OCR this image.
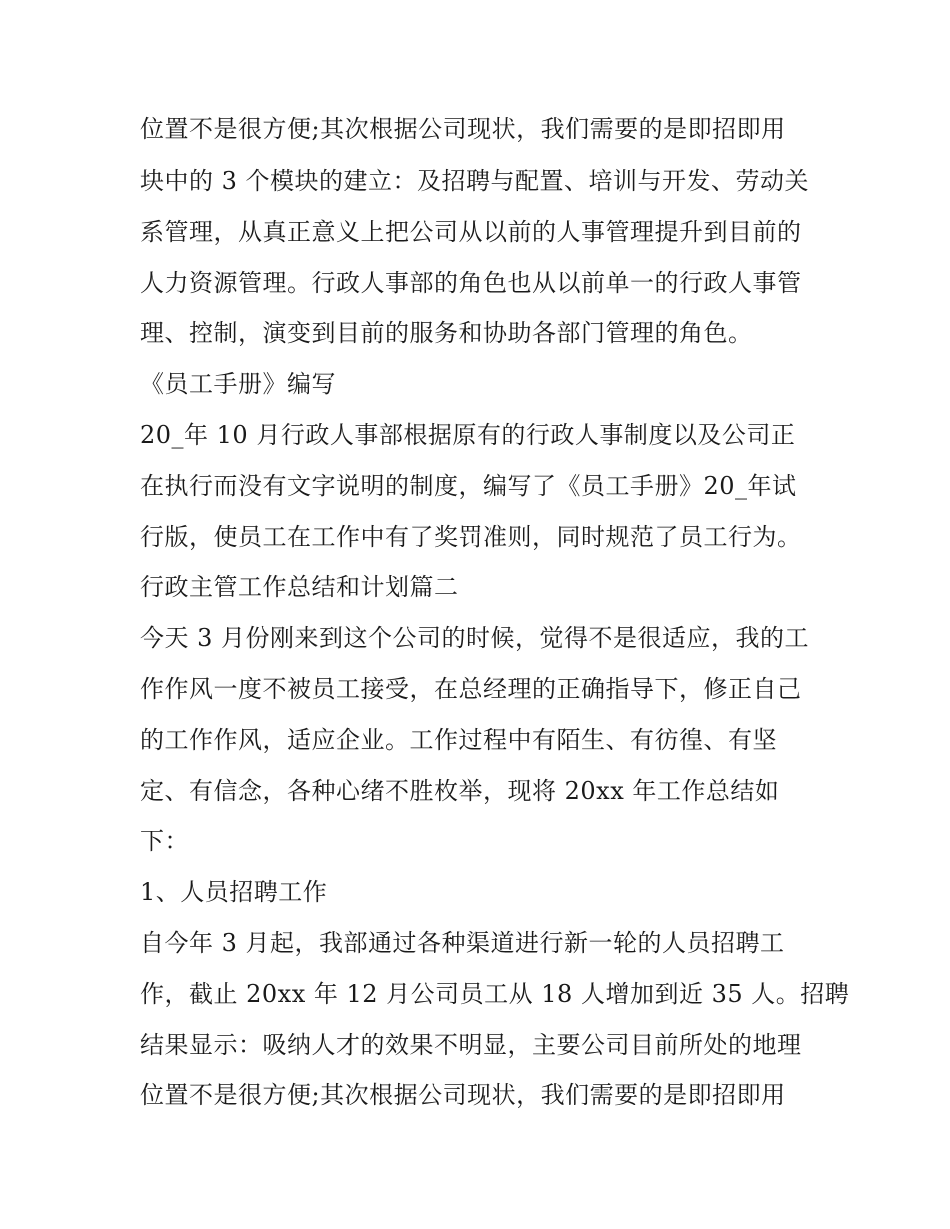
位置不是很方便;其次根据公司现状，我们需要的是即招即用
块中的 3 个模块的建立：及招聘与配置、培训与开发、劳动关
系管理，从真正意义上把公司从以前的人事管理提升到目前的
人力资源管理。行政人事部的角色也从以前单一的行政人事管
理、控制，演变到目前的服务和协助各部门管理的角色。
《员工手册》编写
20_年 10 月行政人事部根据原有的行政人事制度以及公司正
在执行而没有文字说明的制度，编写了《员工手册》20_年试
行版，使员工在工作中有了奖罚准则，同时规范了员工行为。
行政主管工作总结和计划篇二
今天 3 月份刚来到这个公司的时候，觉得不是很适应，我的工
作作风一度不被员工接受，在总经理的正确指导下，修正自己
的工作作风，适应企业。工作过程中有陌生、有彷徨、有坚
定、有信念，各种心绪不胜枚举，现将 20xx 年工作总结如
下：
1、人员招聘工作
自今年 3 月起，我部通过各种渠道进行新一轮的人员招聘工
作，截止 20xx 年 12 月公司员工从 18 人增加到近 35 人。招聘
结果显示：吸纳人才的效果不明显，主要公司目前所处的地理
位置不是很方便;其次根据公司现状，我们需要的是即招即用
